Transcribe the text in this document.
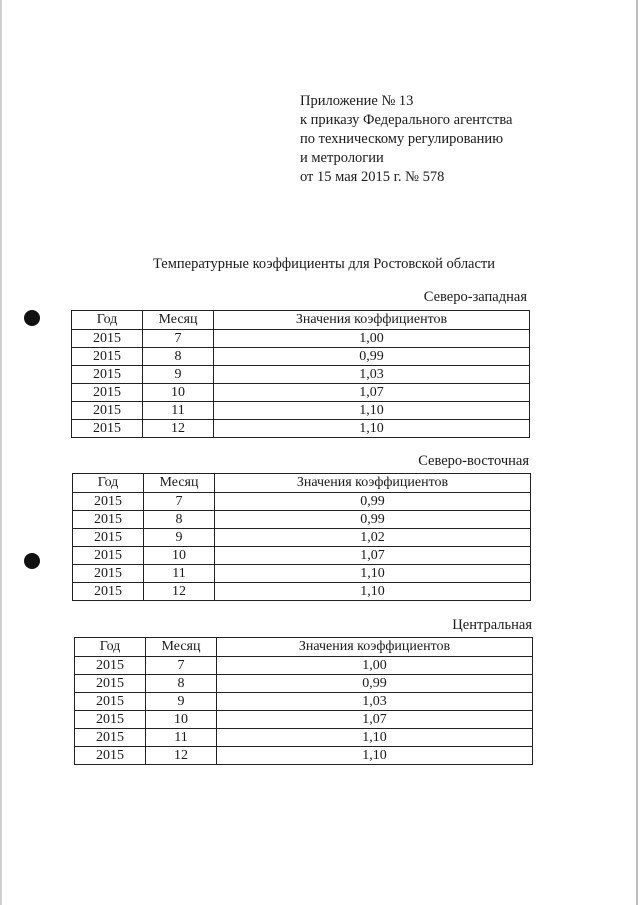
Приложение № 13
к приказу Федерального агентства
по техническому регулированию
и метрологии
от 15 мая 2015 г. № 578
Температурные коэффициенты для Ростовской области
Северо-западная
Год	Месяц	Значения коэффициентов
2015	7	1,00
2015	8	0,99
2015	9	1,03
2015	10	1,07
2015	11	1,10
2015	12	1,10
Северо-восточная
Год	Месяц	Значения коэффициентов
2015	7	0,99
2015	8	0,99
2015	9	1,02
2015	10	1,07
2015	11	1,10
2015	12	1,10
Центральная
Год	Месяц	Значения коэффициентов
2015	7	1,00
2015	8	0,99
2015	9	1,03
2015	10	1,07
2015	11	1,10
2015	12	1,10
